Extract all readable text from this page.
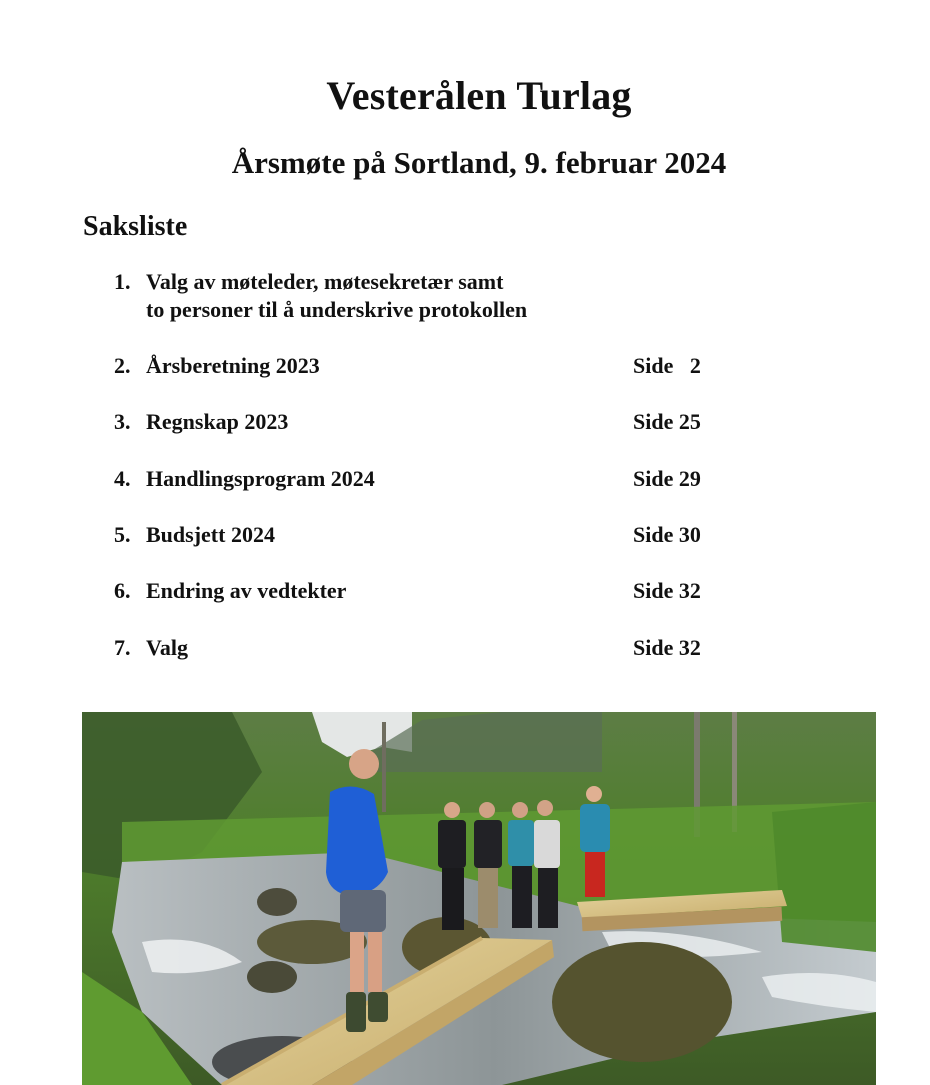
Vesterålen Turlag
Årsmøte på Sortland, 9. februar 2024
Saksliste
1. Valg av møteleder, møtesekretær samt
to personer til å underskrive protokollen
2. Årsberetning 2023	Side   2
3. Regnskap 2023	Side 25
4. Handlingsprogram 2024	Side 29
5. Budsjett 2024	Side 30
6. Endring av vedtekter	Side 32
7. Valg	Side 32
